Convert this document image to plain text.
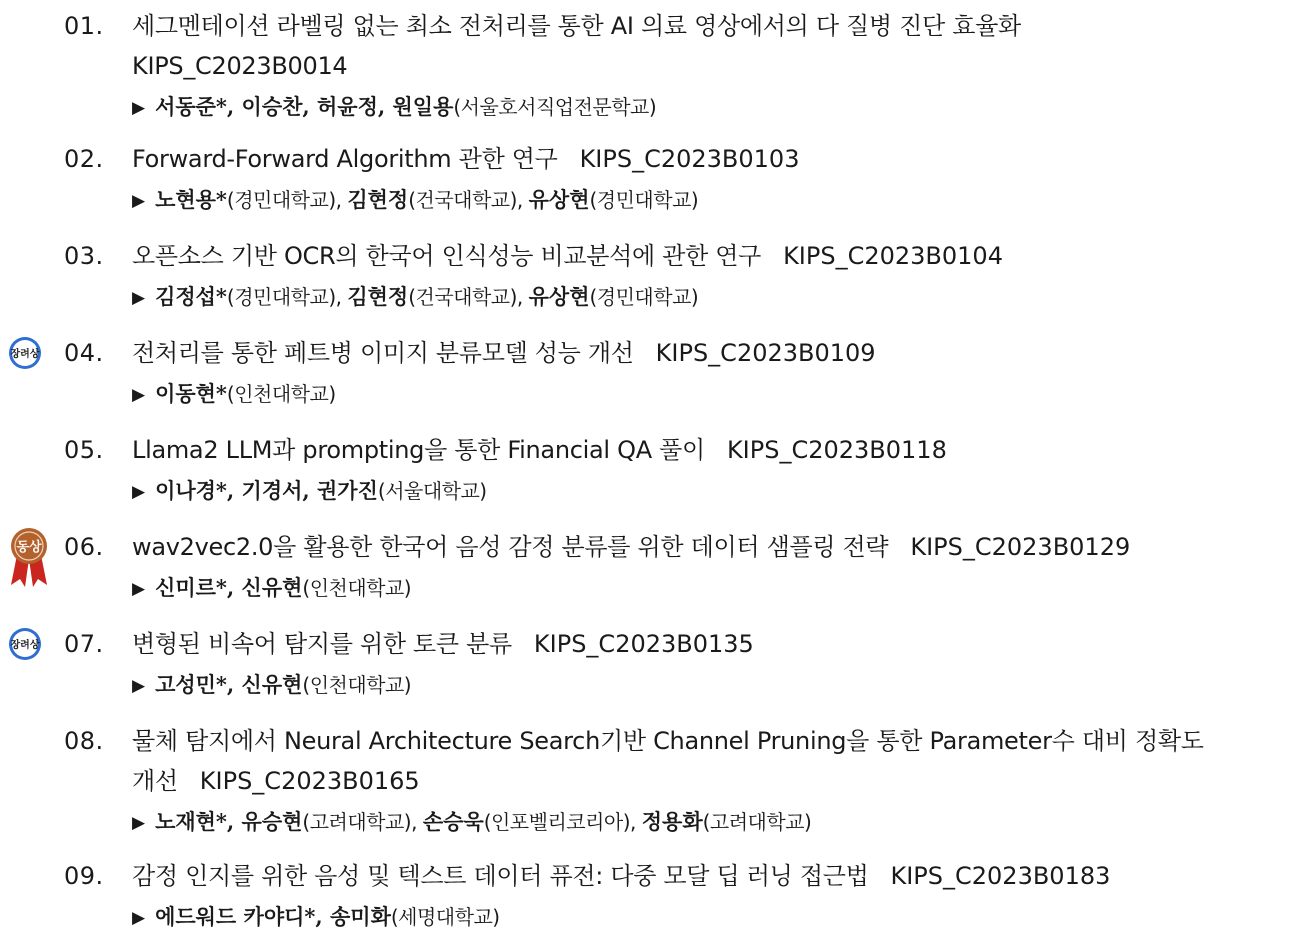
01. 세그멘테이션 라벨링 없는 최소 전처리를 통한 AI 의료 영상에서의 다 질병 진단 효율화
KIPS_C2023B0014
▶ 서동준*, 이승찬, 허윤정, 원일용(서울호서직업전문학교)
02. Forward-Forward Algorithm 관한 연구 KIPS_C2023B0103
▶ 노현용*(경민대학교), 김현정(건국대학교), 유상현(경민대학교)
03. 오픈소스 기반 OCR의 한국어 인식성능 비교분석에 관한 연구 KIPS_C2023B0104
▶ 김정섭*(경민대학교), 김현정(건국대학교), 유상현(경민대학교)
04. 전처리를 통한 페트병 이미지 분류모델 성능 개선 KIPS_C2023B0109
▶ 이동현*(인천대학교)
장려상
05. Llama2 LLM과 prompting을 통한 Financial QA 풀이 KIPS_C2023B0118
▶ 이나경*, 기경서, 권가진(서울대학교)
06. wav2vec2.0을 활용한 한국어 음성 감정 분류를 위한 데이터 샘플링 전략 KIPS_C2023B0129
▶ 신미르*, 신유현(인천대학교)
동상
07. 변형된 비속어 탐지를 위한 토큰 분류 KIPS_C2023B0135
▶ 고성민*, 신유현(인천대학교)
장려상
08. 물체 탐지에서 Neural Architecture Search기반 Channel Pruning을 통한 Parameter수 대비 정확도
개선 KIPS_C2023B0165
▶ 노재현*, 유승현(고려대학교), 손승욱(인포벨리코리아), 정용화(고려대학교)
09. 감정 인지를 위한 음성 및 텍스트 데이터 퓨전: 다중 모달 딥 러닝 접근법 KIPS_C2023B0183
▶ 에드워드 카야디*, 송미화(세명대학교)
